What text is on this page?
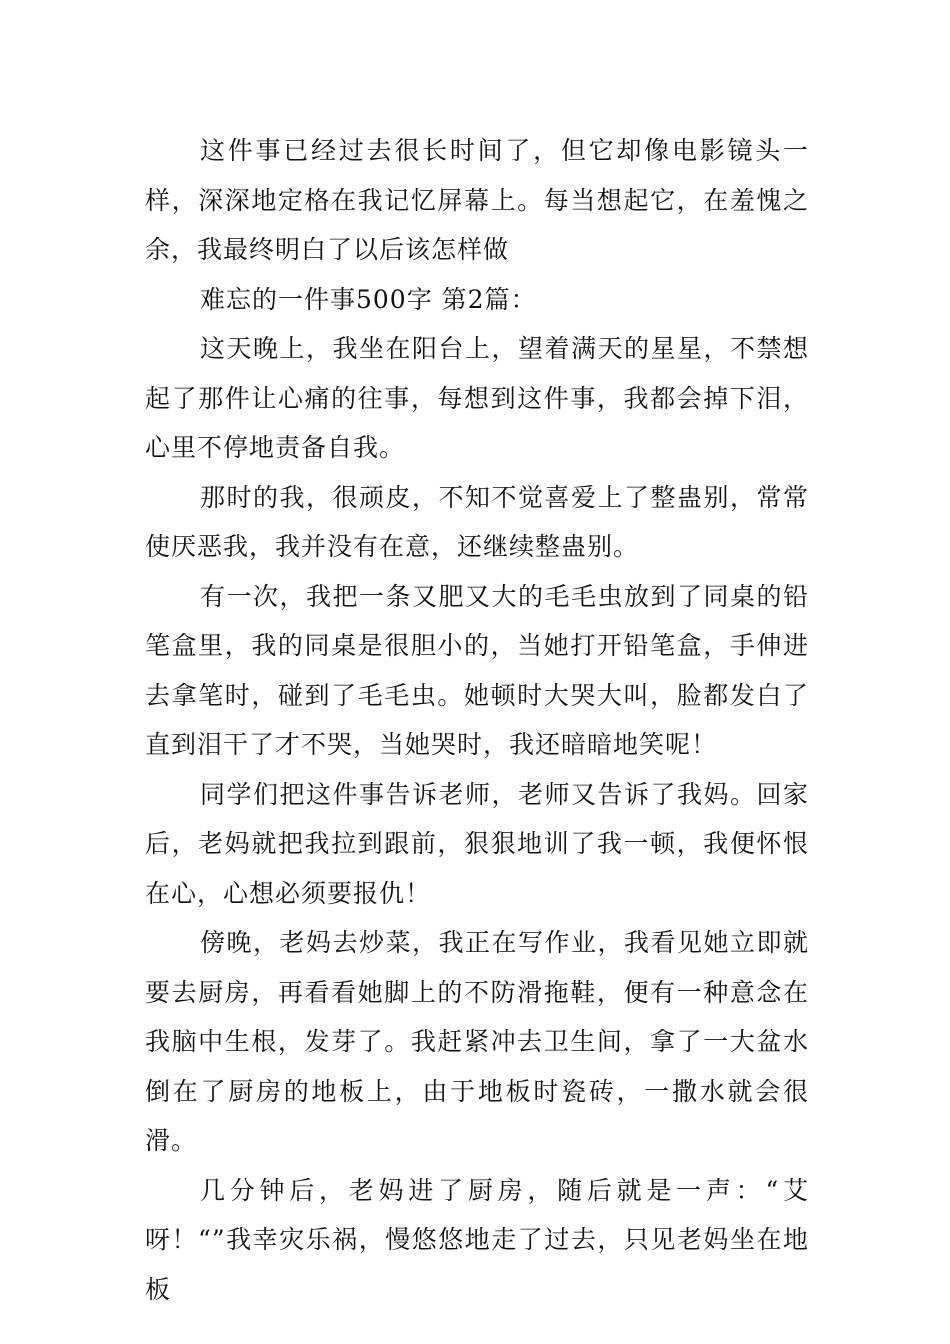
这件事已经过去很长时间了，但它却像电影镜头一样，深深地定格在我记忆屏幕上。每当想起它，在羞愧之余，我最终明白了以后该怎样做

难忘的一件事500字 第2篇：

这天晚上，我坐在阳台上，望着满天的星星，不禁想起了那件让心痛的往事，每想到这件事，我都会掉下泪，心里不停地责备自我。

那时的我，很顽皮，不知不觉喜爱上了整蛊别，常常使厌恶我，我并没有在意，还继续整蛊别。

有一次，我把一条又肥又大的毛毛虫放到了同桌的铅笔盒里，我的同桌是很胆小的，当她打开铅笔盒，手伸进去拿笔时，碰到了毛毛虫。她顿时大哭大叫，脸都发白了直到泪干了才不哭，当她哭时，我还暗暗地笑呢！

同学们把这件事告诉老师，老师又告诉了我妈。回家后，老妈就把我拉到跟前，狠狠地训了我一顿，我便怀恨在心，心想必须要报仇！

傍晚，老妈去炒菜，我正在写作业，我看见她立即就要去厨房，再看看她脚上的不防滑拖鞋，便有一种意念在我脑中生根，发芽了。我赶紧冲去卫生间，拿了一大盆水倒在了厨房的地板上，由于地板时瓷砖，一撒水就会很滑。

几分钟后，老妈进了厨房，随后就是一声：“艾呀！“”我幸灾乐祸，慢悠悠地走了过去，只见老妈坐在地板
